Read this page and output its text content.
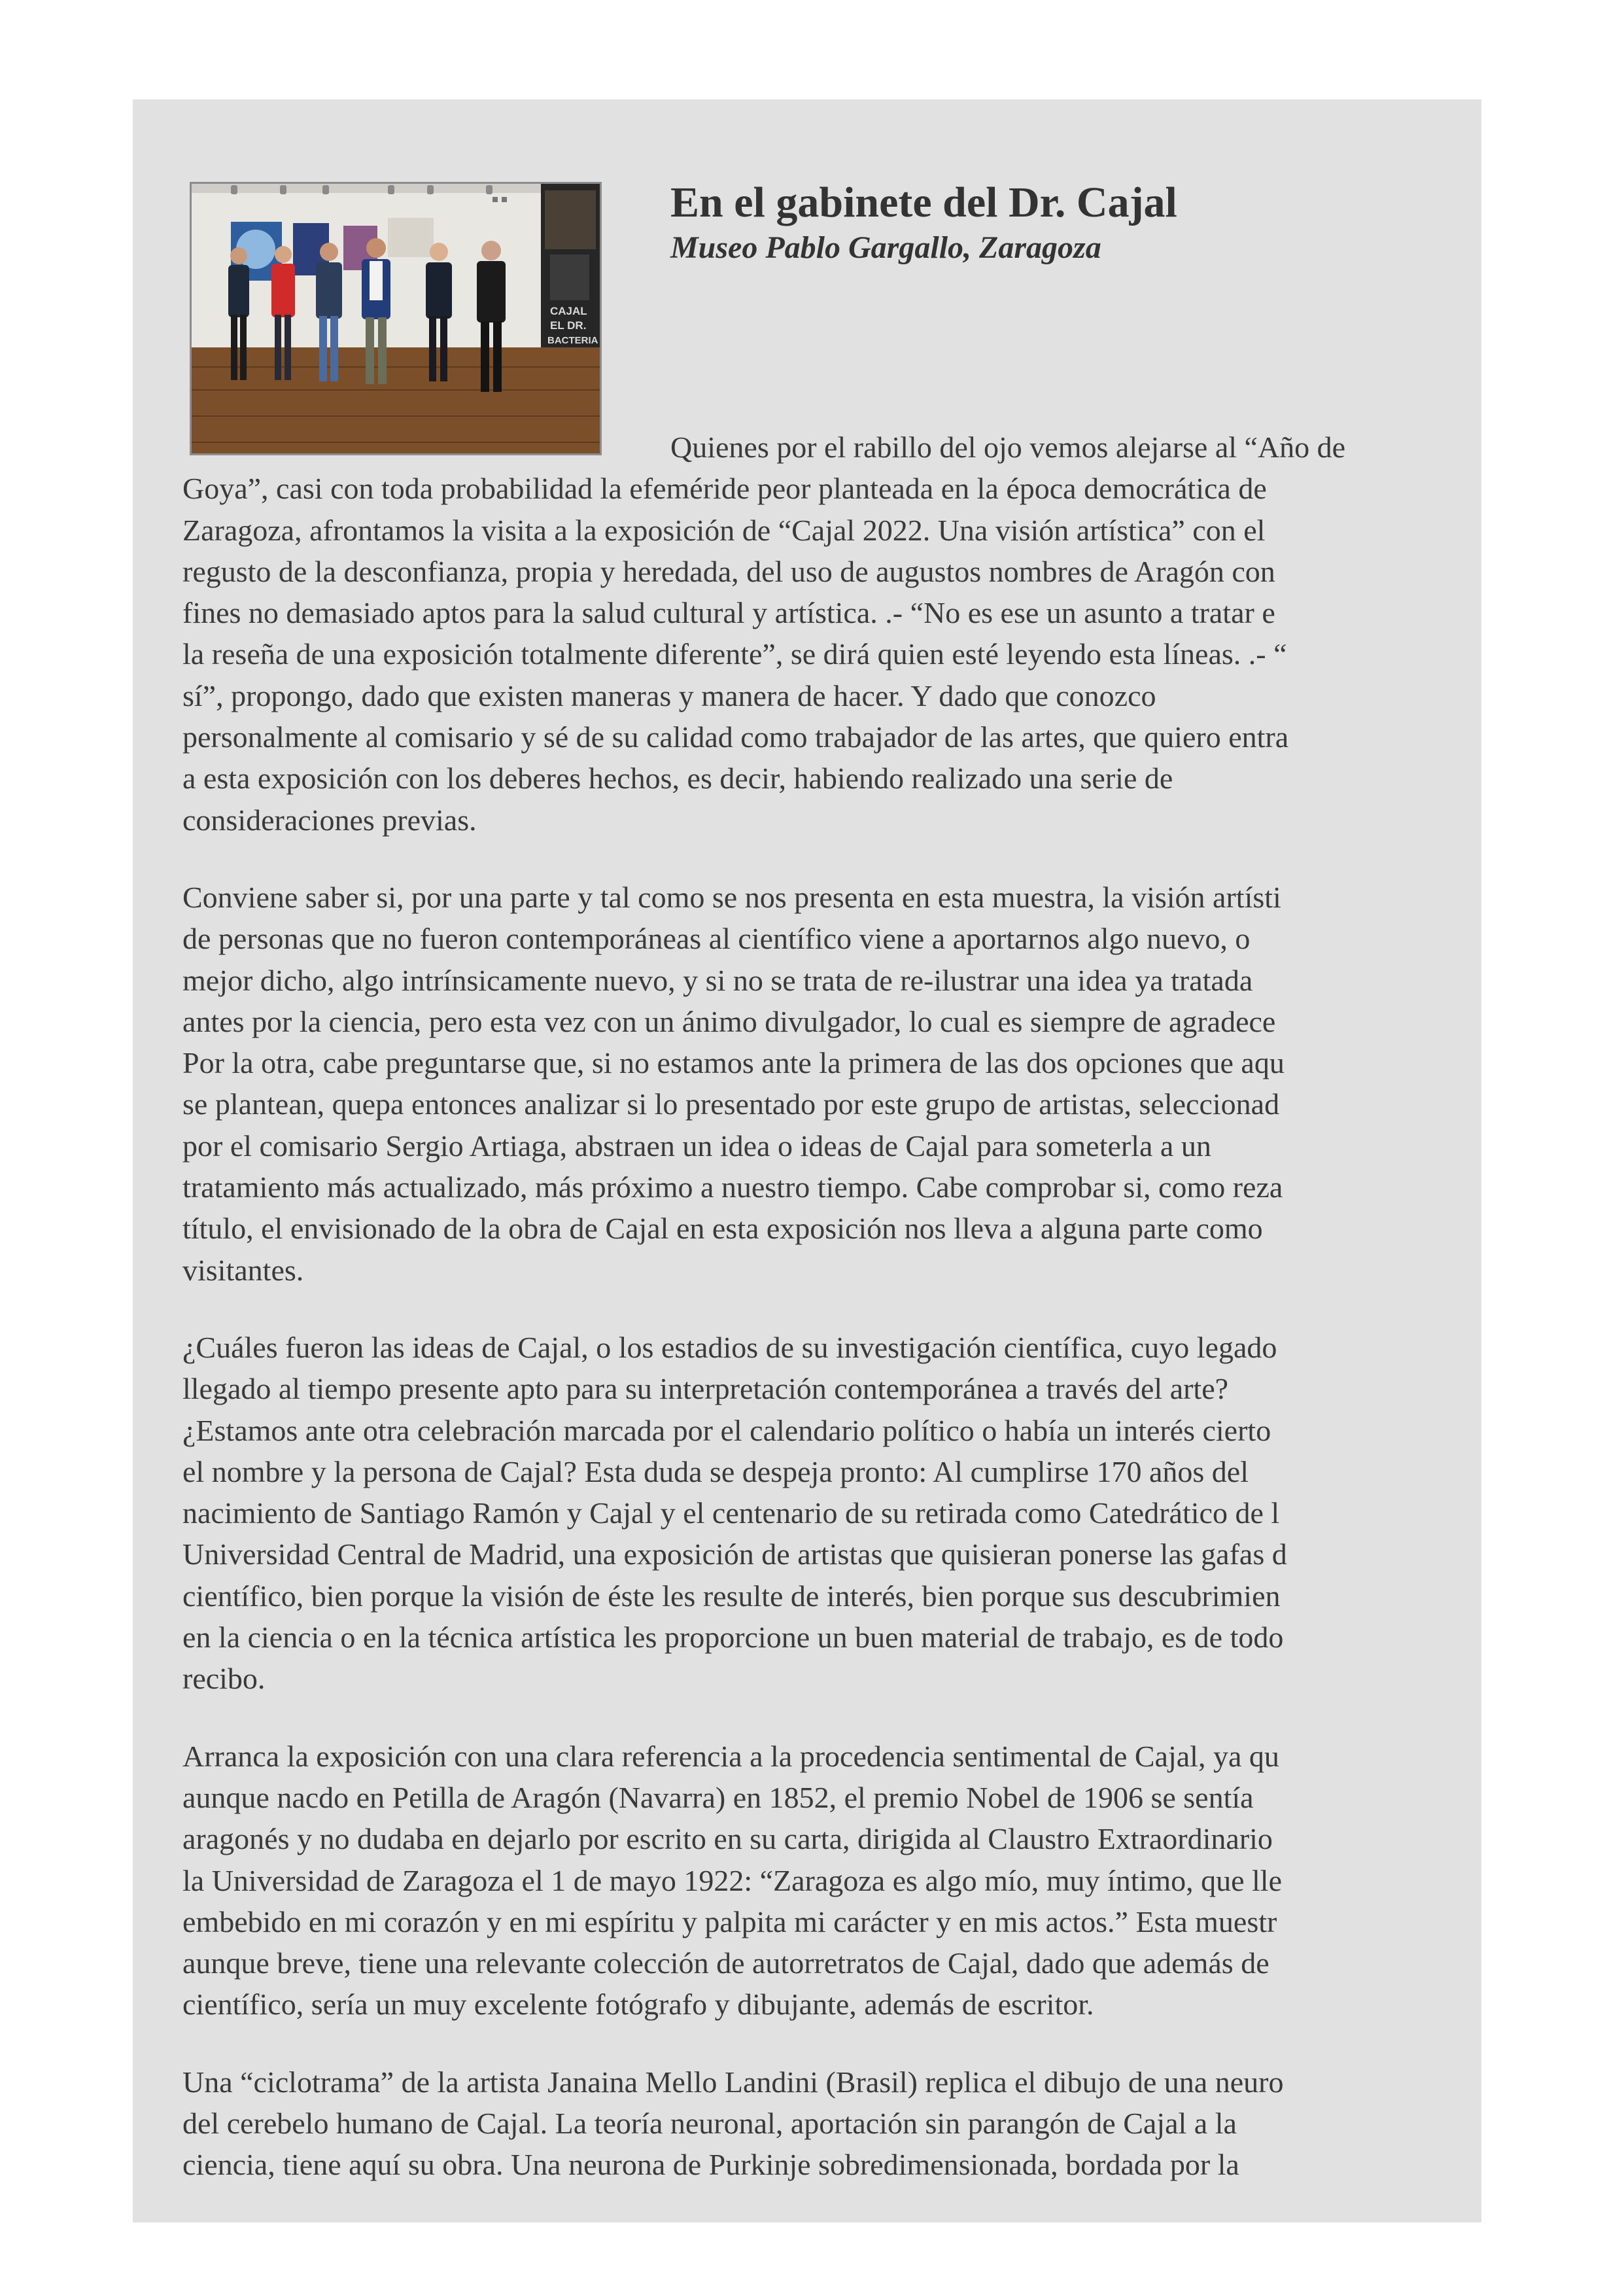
CAJAL
EL DR.
BACTERIA
En el gabinete del Dr. Cajal
Museo Pablo Gargallo, Zaragoza

Quienes por el rabillo del ojo vemos alejarse al “Año de
Goya”, casi con toda probabilidad la efeméride peor planteada en la época democrática de
Zaragoza, afrontamos la visita a la exposición de “Cajal 2022. Una visión artística” con el
regusto de la desconfianza, propia y heredada, del uso de augustos nombres de Aragón con
fines no demasiado aptos para la salud cultural y artística. .- “No es ese un asunto a tratar e
la reseña de una exposición totalmente diferente”, se dirá quien esté leyendo esta líneas. .- “
sí”, propongo, dado que existen maneras y manera de hacer. Y dado que conozco
personalmente al comisario y sé de su calidad como trabajador de las artes, que quiero entra
a esta exposición con los deberes hechos, es decir, habiendo realizado una serie de
consideraciones previas.

Conviene saber si, por una parte y tal como se nos presenta en esta muestra, la visión artísti
de personas que no fueron contemporáneas al científico viene a aportarnos algo nuevo, o
mejor dicho, algo intrínsicamente nuevo, y si no se trata de re-ilustrar una idea ya tratada
antes por la ciencia, pero esta vez con un ánimo divulgador, lo cual es siempre de agradece
Por la otra, cabe preguntarse que, si no estamos ante la primera de las dos opciones que aqu
se plantean, quepa entonces analizar si lo presentado por este grupo de artistas, seleccionad
por el comisario Sergio Artiaga, abstraen un idea o ideas de Cajal para someterla a un
tratamiento más actualizado, más próximo a nuestro tiempo. Cabe comprobar si, como reza
título, el envisionado de la obra de Cajal en esta exposición nos lleva a alguna parte como
visitantes.

¿Cuáles fueron las ideas de Cajal, o los estadios de su investigación científica, cuyo legado
llegado al tiempo presente apto para su interpretación contemporánea a través del arte?
¿Estamos ante otra celebración marcada por el calendario político o había un interés cierto
el nombre y la persona de Cajal? Esta duda se despeja pronto: Al cumplirse 170 años del
nacimiento de Santiago Ramón y Cajal y el centenario de su retirada como Catedrático de l
Universidad Central de Madrid, una exposición de artistas que quisieran ponerse las gafas d
científico, bien porque la visión de éste les resulte de interés, bien porque sus descubrimien
en la ciencia o en la técnica artística les proporcione un buen material de trabajo, es de todo
recibo.

Arranca la exposición con una clara referencia a la procedencia sentimental de Cajal, ya qu
aunque nacdo en Petilla de Aragón (Navarra) en 1852, el premio Nobel de 1906 se sentía
aragonés y no dudaba en dejarlo por escrito en su carta, dirigida al Claustro Extraordinario
la Universidad de Zaragoza el 1 de mayo 1922: “Zaragoza es algo mío, muy íntimo, que lle
embebido en mi corazón y en mi espíritu y palpita mi carácter y en mis actos.” Esta muestr
aunque breve, tiene una relevante colección de autorretratos de Cajal, dado que además de
científico, sería un muy excelente fotógrafo y dibujante, además de escritor.

Una “ciclotrama” de la artista Janaina Mello Landini (Brasil) replica el dibujo de una neuro
del cerebelo humano de Cajal. La teoría neuronal, aportación sin parangón de Cajal a la
ciencia, tiene aquí su obra. Una neurona de Purkinje sobredimensionada, bordada por la
